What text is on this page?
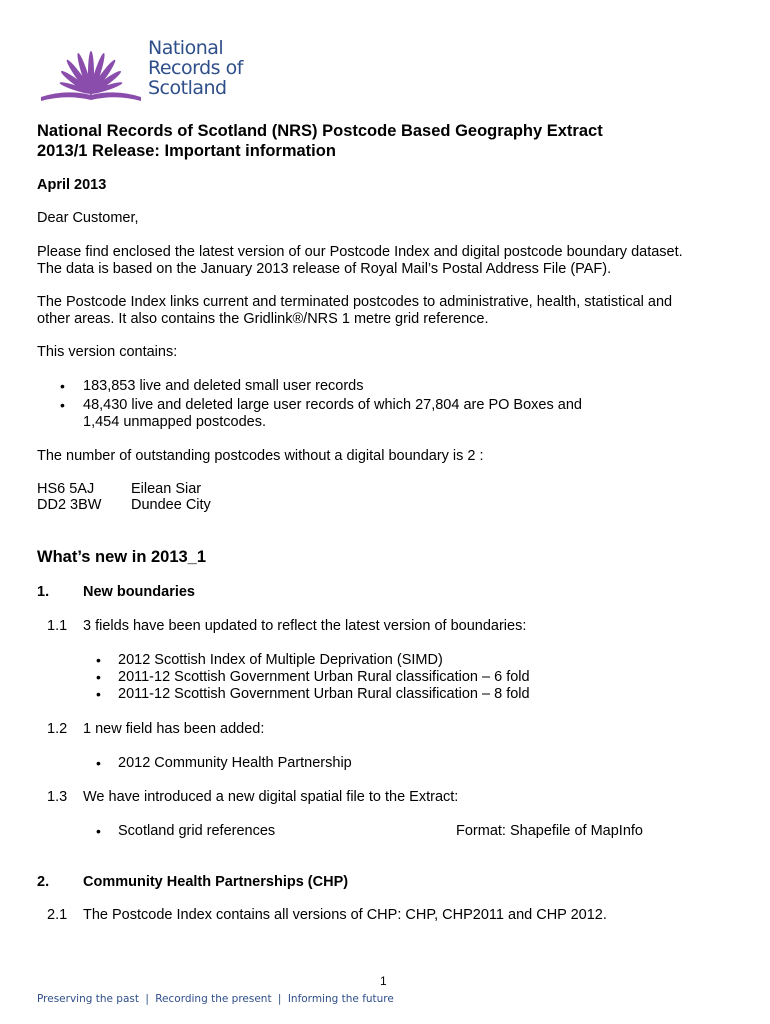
National
Records of
Scotland
National Records of Scotland (NRS) Postcode Based Geography Extract
2013/1 Release: Important information

April 2013

Dear Customer,

Please find enclosed the latest version of our Postcode Index and digital postcode boundary dataset.

The data is based on the January 2013 release of Royal Mail’s Postal Address File (PAF).

The Postcode Index links current and terminated postcodes to administrative, health, statistical and

other areas. It also contains the Gridlink®/NRS 1 metre grid reference.

This version contains:

• 183,853 live and deleted small user records

• 48,430 live and deleted large user records of which 27,804 are PO Boxes and

1,454 unmapped postcodes.

The number of outstanding postcodes without a digital boundary is 2 :

HS6 5AJ	Eilean Siar

DD2 3BW Dundee City

What’s new in 2013_1

1. New boundaries

1.1 3 fields have been updated to reflect the latest version of boundaries:

• 2012 Scottish Index of Multiple Deprivation (SIMD)

• 2011-12 Scottish Government Urban Rural classification – 6 fold

• 2011-12 Scottish Government Urban Rural classification – 8 fold

1.2 1 new field has been added:

• 2012 Community Health Partnership

1.3 We have introduced a new digital spatial file to the Extract:

• Scotland grid references	Format: Shapefile of MapInfo

2. Community Health Partnerships (CHP)

2.1 The Postcode Index contains all versions of CHP: CHP, CHP2011 and CHP 2012.

1
Preserving the past | Recording the present | Informing the future
